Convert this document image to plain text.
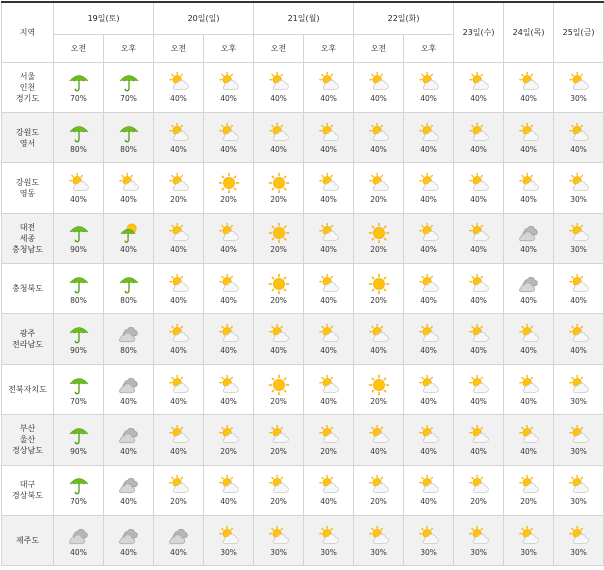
지역	19일(토)		20일(일)		21일(월)		22일(화)		23일(수)	24일(목)	25일(금)
	오전	오후	오전	오후	오전	오후	오전	오후			
서울
인천
경기도	70%	70%	40%	40%	40%	40%	40%	40%	40%	40%	30%

강원도
영서	80%	80%	40%	40%	40%	40%	40%	40%	40%	40%	40%

강원도
영동	40%	40%	20%	20%	20%	40%	20%	40%	40%	40%	30%

대전
세종
충청남도	90%	40%	40%	40%	20%	40%	20%	40%	40%	40%	30%

충청북도	80%	80%	40%	40%	20%	40%	20%	40%	40%	40%	40%

광주
전라남도	90%	80%	40%	40%	40%	40%	40%	40%	40%	40%	40%

전북자치도	70%	40%	40%	40%	20%	40%	20%	40%	40%	40%	30%

부산
울산
경상남도	90%	40%	40%	20%	20%	20%	40%	40%	40%	40%	30%

대구
경상북도	70%	40%	20%	40%	20%	40%	20%	40%	20%	20%	30%

제주도	40%	40%	40%	30%	30%	30%	30%	30%	30%	30%	30%
